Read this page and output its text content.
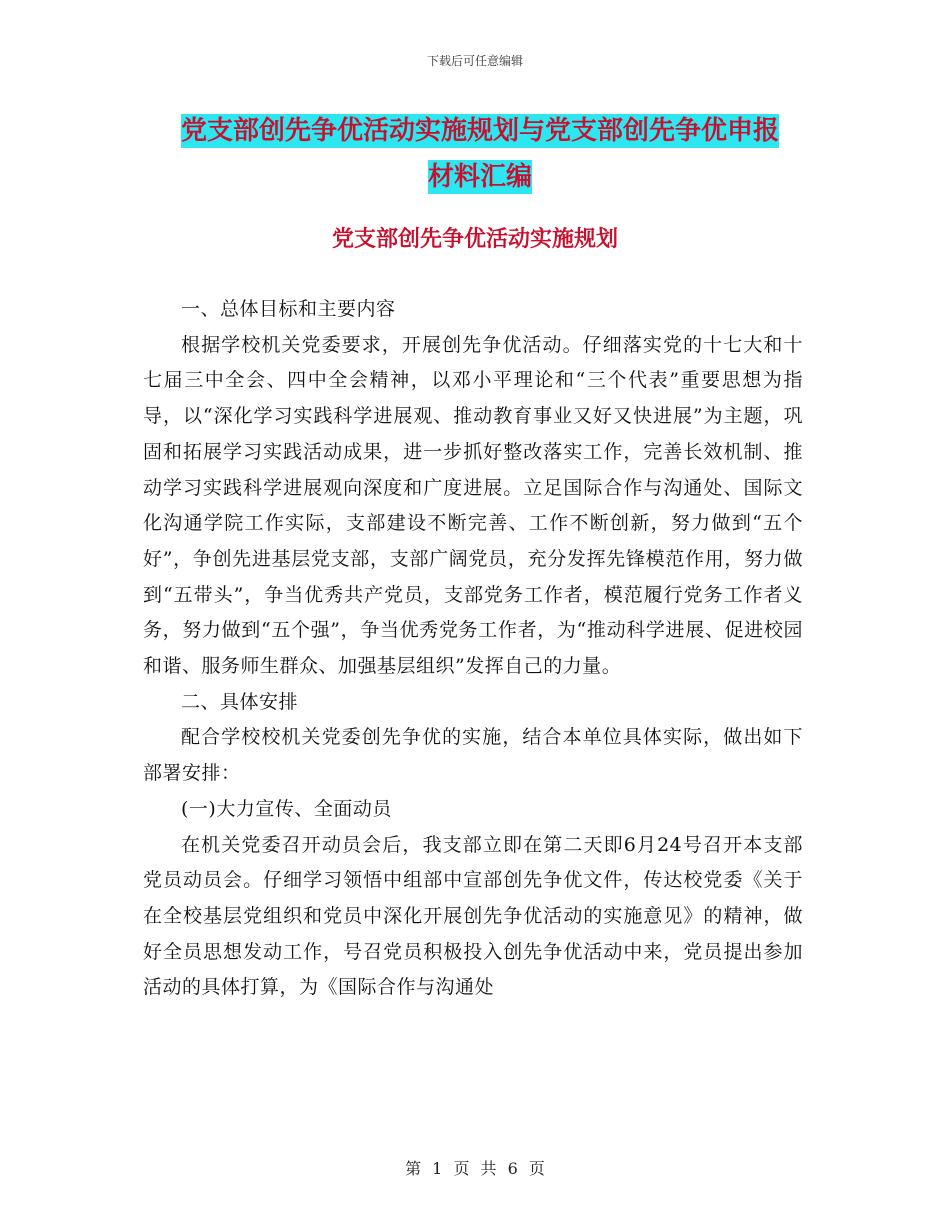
下载后可任意编辑
党支部创先争优活动实施规划与党支部创先争优申报
材料汇编
党支部创先争优活动实施规划

一、总体目标和主要内容

根据学校机关党委要求，开展创先争优活动。仔细落实党的十七大和十七届三中全会、四中全会精神，以邓小平理论和“三个代表”重要思想为指导，以“深化学习实践科学进展观、推动教育事业又好又快进展”为主题，巩固和拓展学习实践活动成果，进一步抓好整改落实工作，完善长效机制、推动学习实践科学进展观向深度和广度进展。立足国际合作与沟通处、国际文化沟通学院工作实际，支部建设不断完善、工作不断创新，努力做到“五个好”，争创先进基层党支部，支部广阔党员，充分发挥先锋模范作用，努力做到“五带头”，争当优秀共产党员，支部党务工作者，模范履行党务工作者义务，努力做到“五个强”，争当优秀党务工作者，为“推动科学进展、促进校园和谐、服务师生群众、加强基层组织”发挥自己的力量。

二、具体安排

配合学校校机关党委创先争优的实施，结合本单位具体实际，做出如下部署安排：

(一)大力宣传、全面动员

在机关党委召开动员会后，我支部立即在第二天即6月24号召开本支部党员动员会。仔细学习领悟中组部中宣部创先争优文件，传达校党委《关于在全校基层党组织和党员中深化开展创先争优活动的实施意见》的精神，做好全员思想发动工作，号召党员积极投入创先争优活动中来，党员提出参加活动的具体打算，为《国际合作与沟通处

第 1 页 共 6 页
